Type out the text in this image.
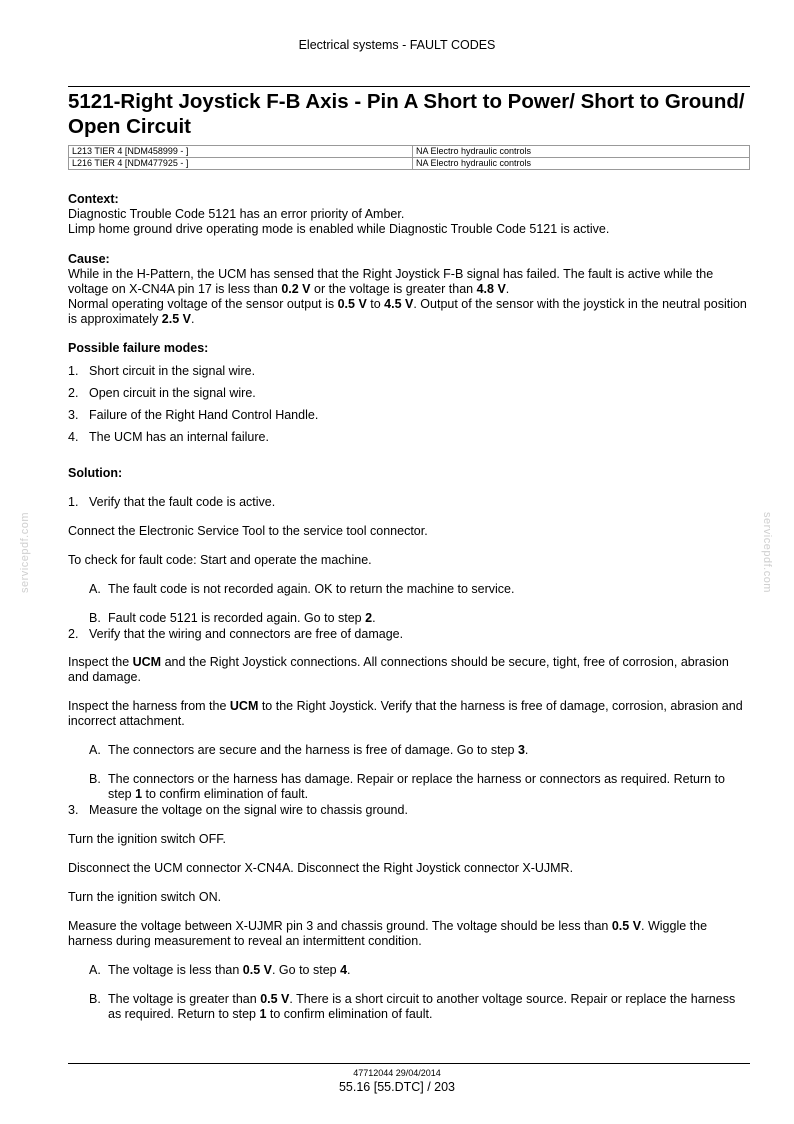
Electrical systems - FAULT CODES
5121-Right Joystick F-B Axis - Pin A Short to Power/ Short to Ground/ Open Circuit
L213 TIER 4 [NDM458999 - ]	NA Electro hydraulic controls
L216 TIER 4 [NDM477925 - ]	NA Electro hydraulic controls

Context:

Diagnostic Trouble Code 5121 has an error priority of Amber.

Limp home ground drive operating mode is enabled while Diagnostic Trouble Code 5121 is active.

Cause:

While in the H-Pattern, the UCM has sensed that the Right Joystick F-B signal has failed. The fault is active while the voltage on X-CN4A pin 17 is less than 0.2 V or the voltage is greater than 4.8 V.

Normal operating voltage of the sensor output is 0.5 V to 4.5 V. Output of the sensor with the joystick in the neutral position is approximately 2.5 V.

Possible failure modes:

1. Short circuit in the signal wire.
2. Open circuit in the signal wire.
3. Failure of the Right Hand Control Handle.
4. The UCM has an internal failure.

Solution:

1. Verify that the fault code is active.

Connect the Electronic Service Tool to the service tool connector.

To check for fault code: Start and operate the machine.

A. The fault code is not recorded again. OK to return the machine to service.
B. Fault code 5121 is recorded again. Go to step 2.
2. Verify that the wiring and connectors are free of damage.

Inspect the UCM and the Right Joystick connections. All connections should be secure, tight, free of corrosion, abrasion and damage.

Inspect the harness from the UCM to the Right Joystick. Verify that the harness is free of damage, corrosion, abrasion and incorrect attachment.

A. The connectors are secure and the harness is free of damage. Go to step 3.
B. The connectors or the harness has damage. Repair or replace the harness or connectors as required. Return to step 1 to confirm elimination of fault.
3. Measure the voltage on the signal wire to chassis ground.

Turn the ignition switch OFF.

Disconnect the UCM connector X-CN4A. Disconnect the Right Joystick connector X-UJMR.

Turn the ignition switch ON.

Measure the voltage between X-UJMR pin 3 and chassis ground. The voltage should be less than 0.5 V. Wiggle the harness during measurement to reveal an intermittent condition.

A. The voltage is less than 0.5 V. Go to step 4.
B. The voltage is greater than 0.5 V. There is a short circuit to another voltage source. Repair or replace the harness as required. Return to step 1 to confirm elimination of fault.
servicepdf.com	servicepdf.com
47712044 29/04/2014
55.16 [55.DTC] / 203
